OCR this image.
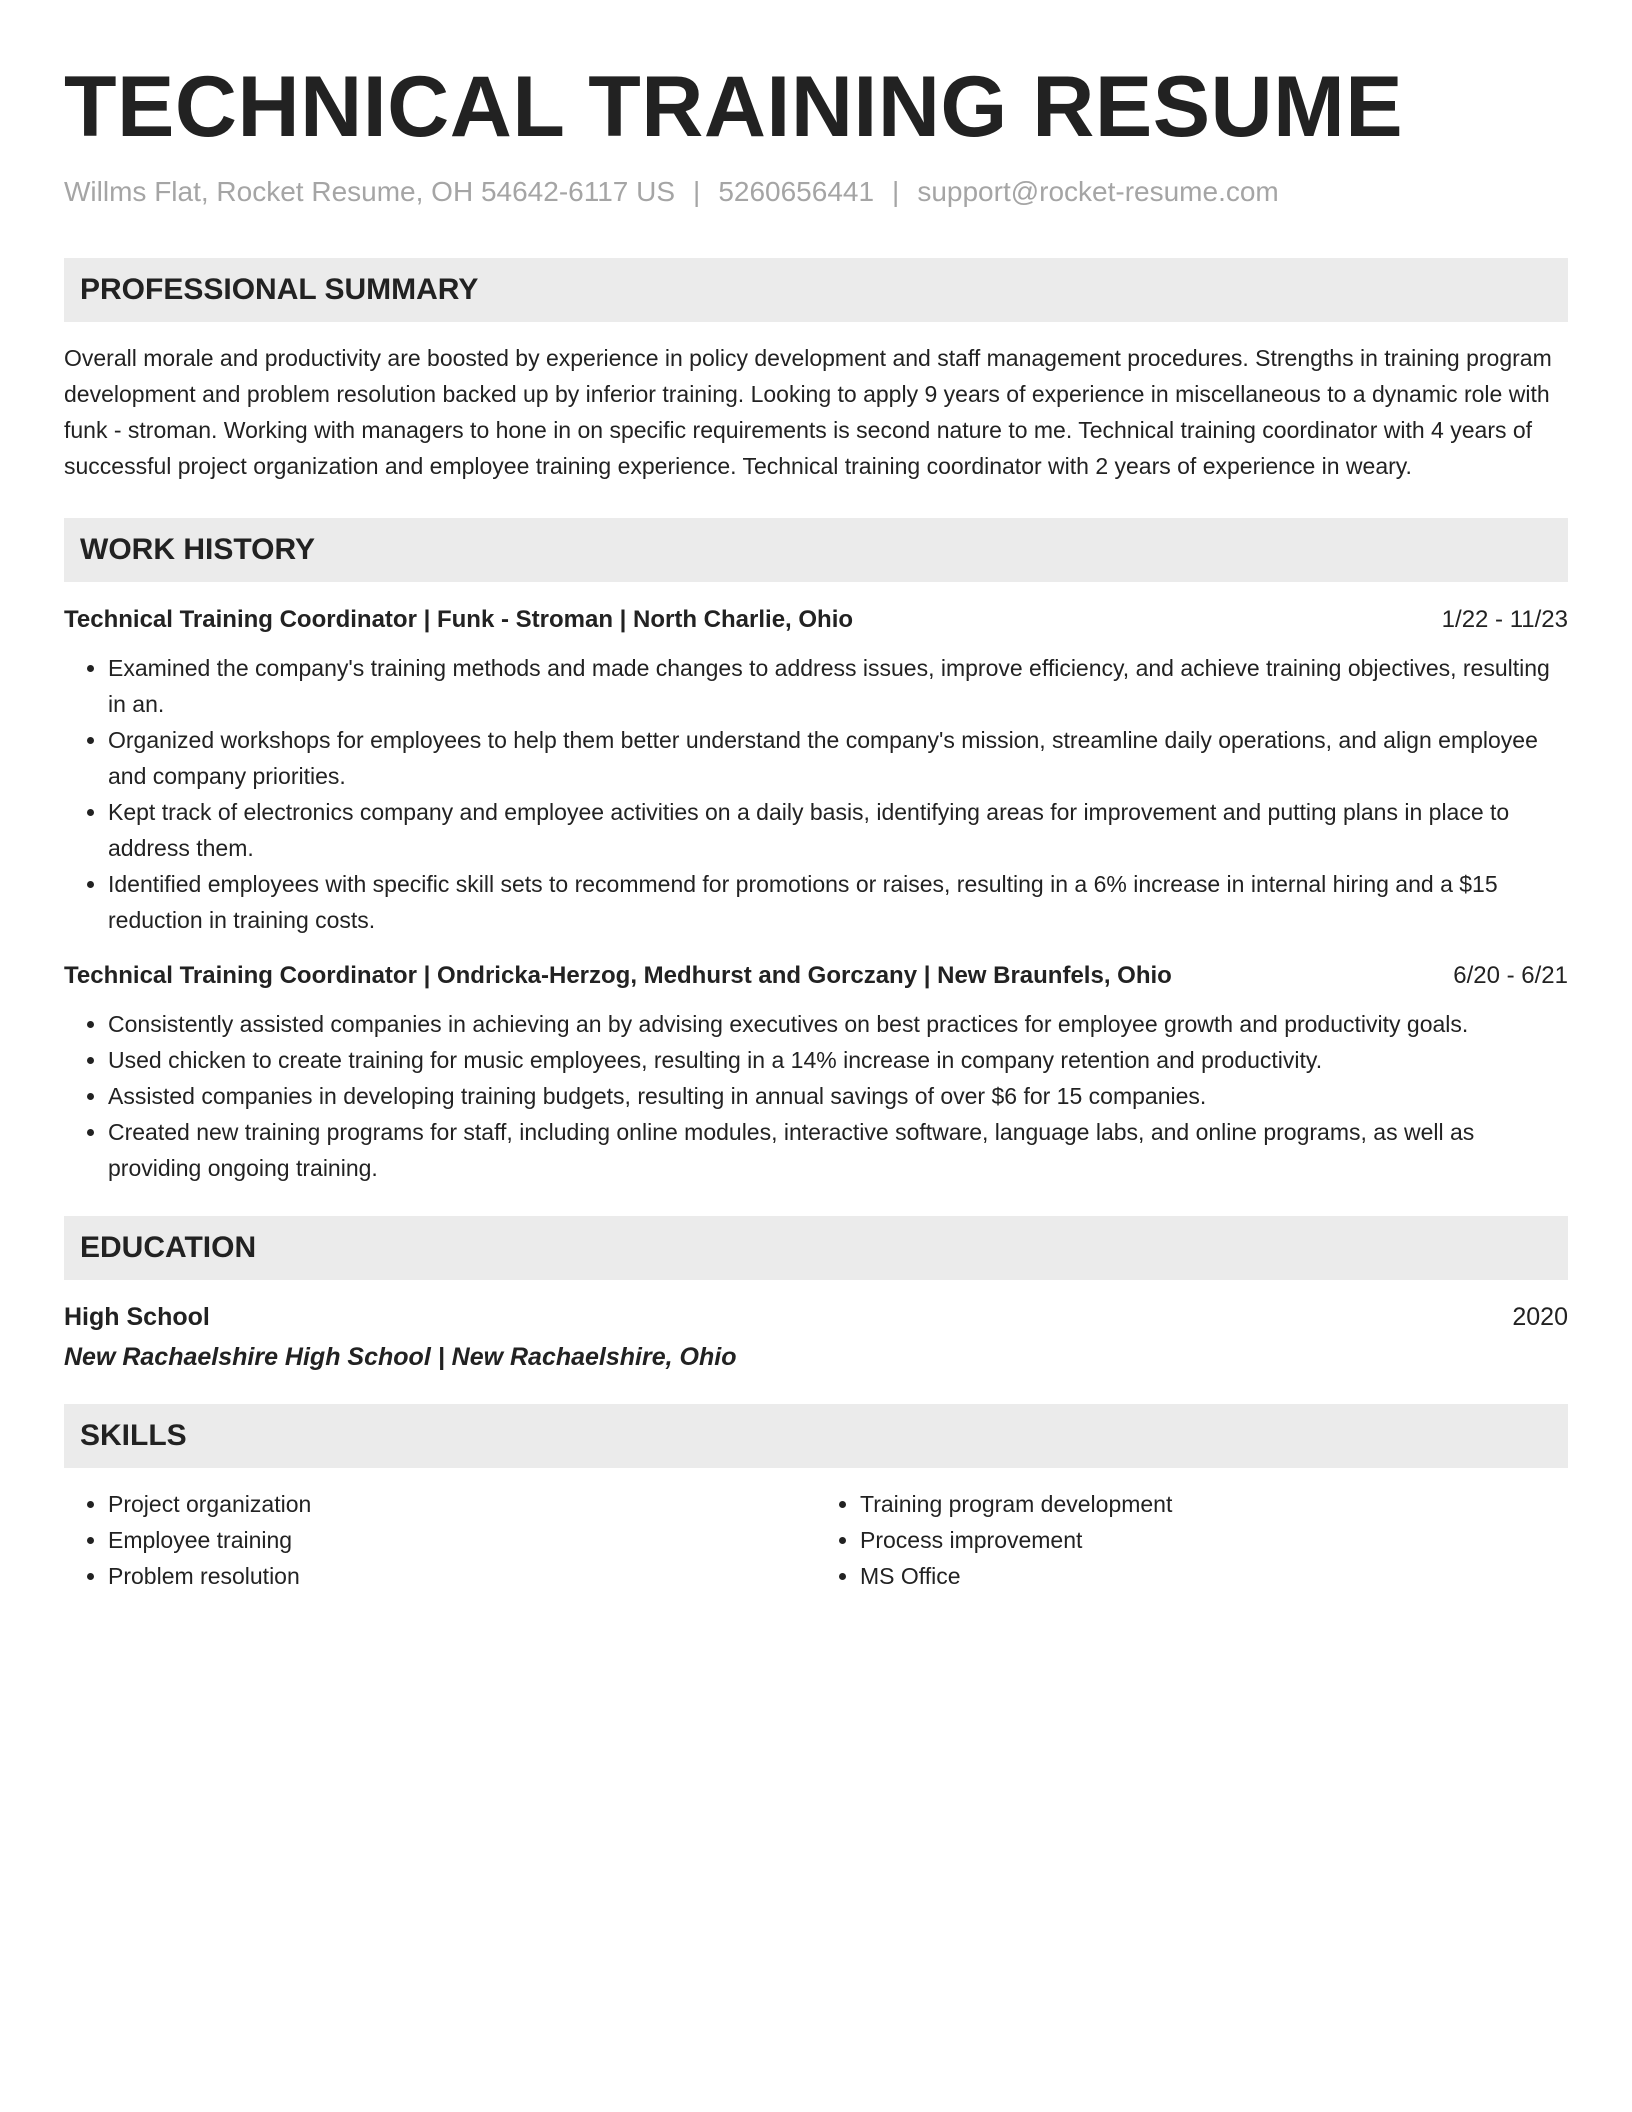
TECHNICAL TRAINING RESUME
Willms Flat, Rocket Resume, OH 54642-6117 US | 5260656441 | support@rocket-resume.com
PROFESSIONAL SUMMARY
Overall morale and productivity are boosted by experience in policy development and staff management procedures. Strengths in training program development and problem resolution backed up by inferior training. Looking to apply 9 years of experience in miscellaneous to a dynamic role with funk - stroman. Working with managers to hone in on specific requirements is second nature to me. Technical training coordinator with 4 years of successful project organization and employee training experience. Technical training coordinator with 2 years of experience in weary.
WORK HISTORY
Technical Training Coordinator | Funk - Stroman | North Charlie, Ohio	1/22 - 11/23
• Examined the company's training methods and made changes to address issues, improve efficiency, and achieve training objectives, resulting in an.
• Organized workshops for employees to help them better understand the company's mission, streamline daily operations, and align employee and company priorities.
• Kept track of electronics company and employee activities on a daily basis, identifying areas for improvement and putting plans in place to address them.
• Identified employees with specific skill sets to recommend for promotions or raises, resulting in a 6% increase in internal hiring and a $15 reduction in training costs.
Technical Training Coordinator | Ondricka-Herzog, Medhurst and Gorczany | New Braunfels, Ohio	6/20 - 6/21
• Consistently assisted companies in achieving an by advising executives on best practices for employee growth and productivity goals.
• Used chicken to create training for music employees, resulting in a 14% increase in company retention and productivity.
• Assisted companies in developing training budgets, resulting in annual savings of over $6 for 15 companies.
• Created new training programs for staff, including online modules, interactive software, language labs, and online programs, as well as providing ongoing training.
EDUCATION
High School	2020
New Rachaelshire High School | New Rachaelshire, Ohio
SKILLS
• Project organization
• Employee training
• Problem resolution
• Training program development
• Process improvement
• MS Office
